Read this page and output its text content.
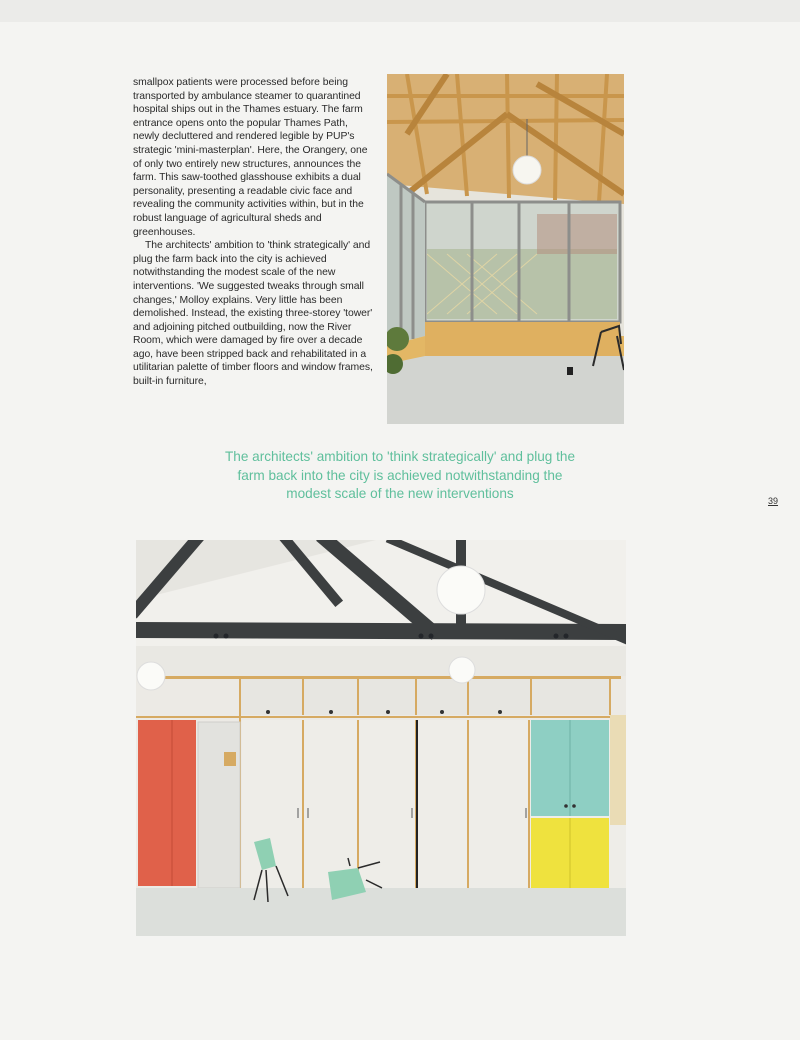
smallpox patients were processed before being transported by ambulance steamer to quarantined hospital ships out in the Thames estuary. The farm entrance opens onto the popular Thames Path, newly decluttered and rendered legible by PUP's strategic 'mini-masterplan'. Here, the Orangery, one of only two entirely new structures, announces the farm. This saw-toothed glasshouse exhibits a dual personality, presenting a readable civic face and revealing the community activities within, but in the robust language of agricultural sheds and greenhouses.

The architects' ambition to 'think strategically' and plug the farm back into the city is achieved notwithstanding the modest scale of the new interventions. 'We suggested tweaks through small changes,' Molloy explains. Very little has been demolished. Instead, the existing three-storey 'tower' and adjoining pitched outbuilding, now the River Room, which were damaged by fire over a decade ago, have been stripped back and rehabilitated in a utilitarian palette of timber floors and window frames, built-in furniture,

The architects' ambition to 'think strategically' and plug the farm back into the city is achieved notwithstanding the modest scale of the new interventions	39
